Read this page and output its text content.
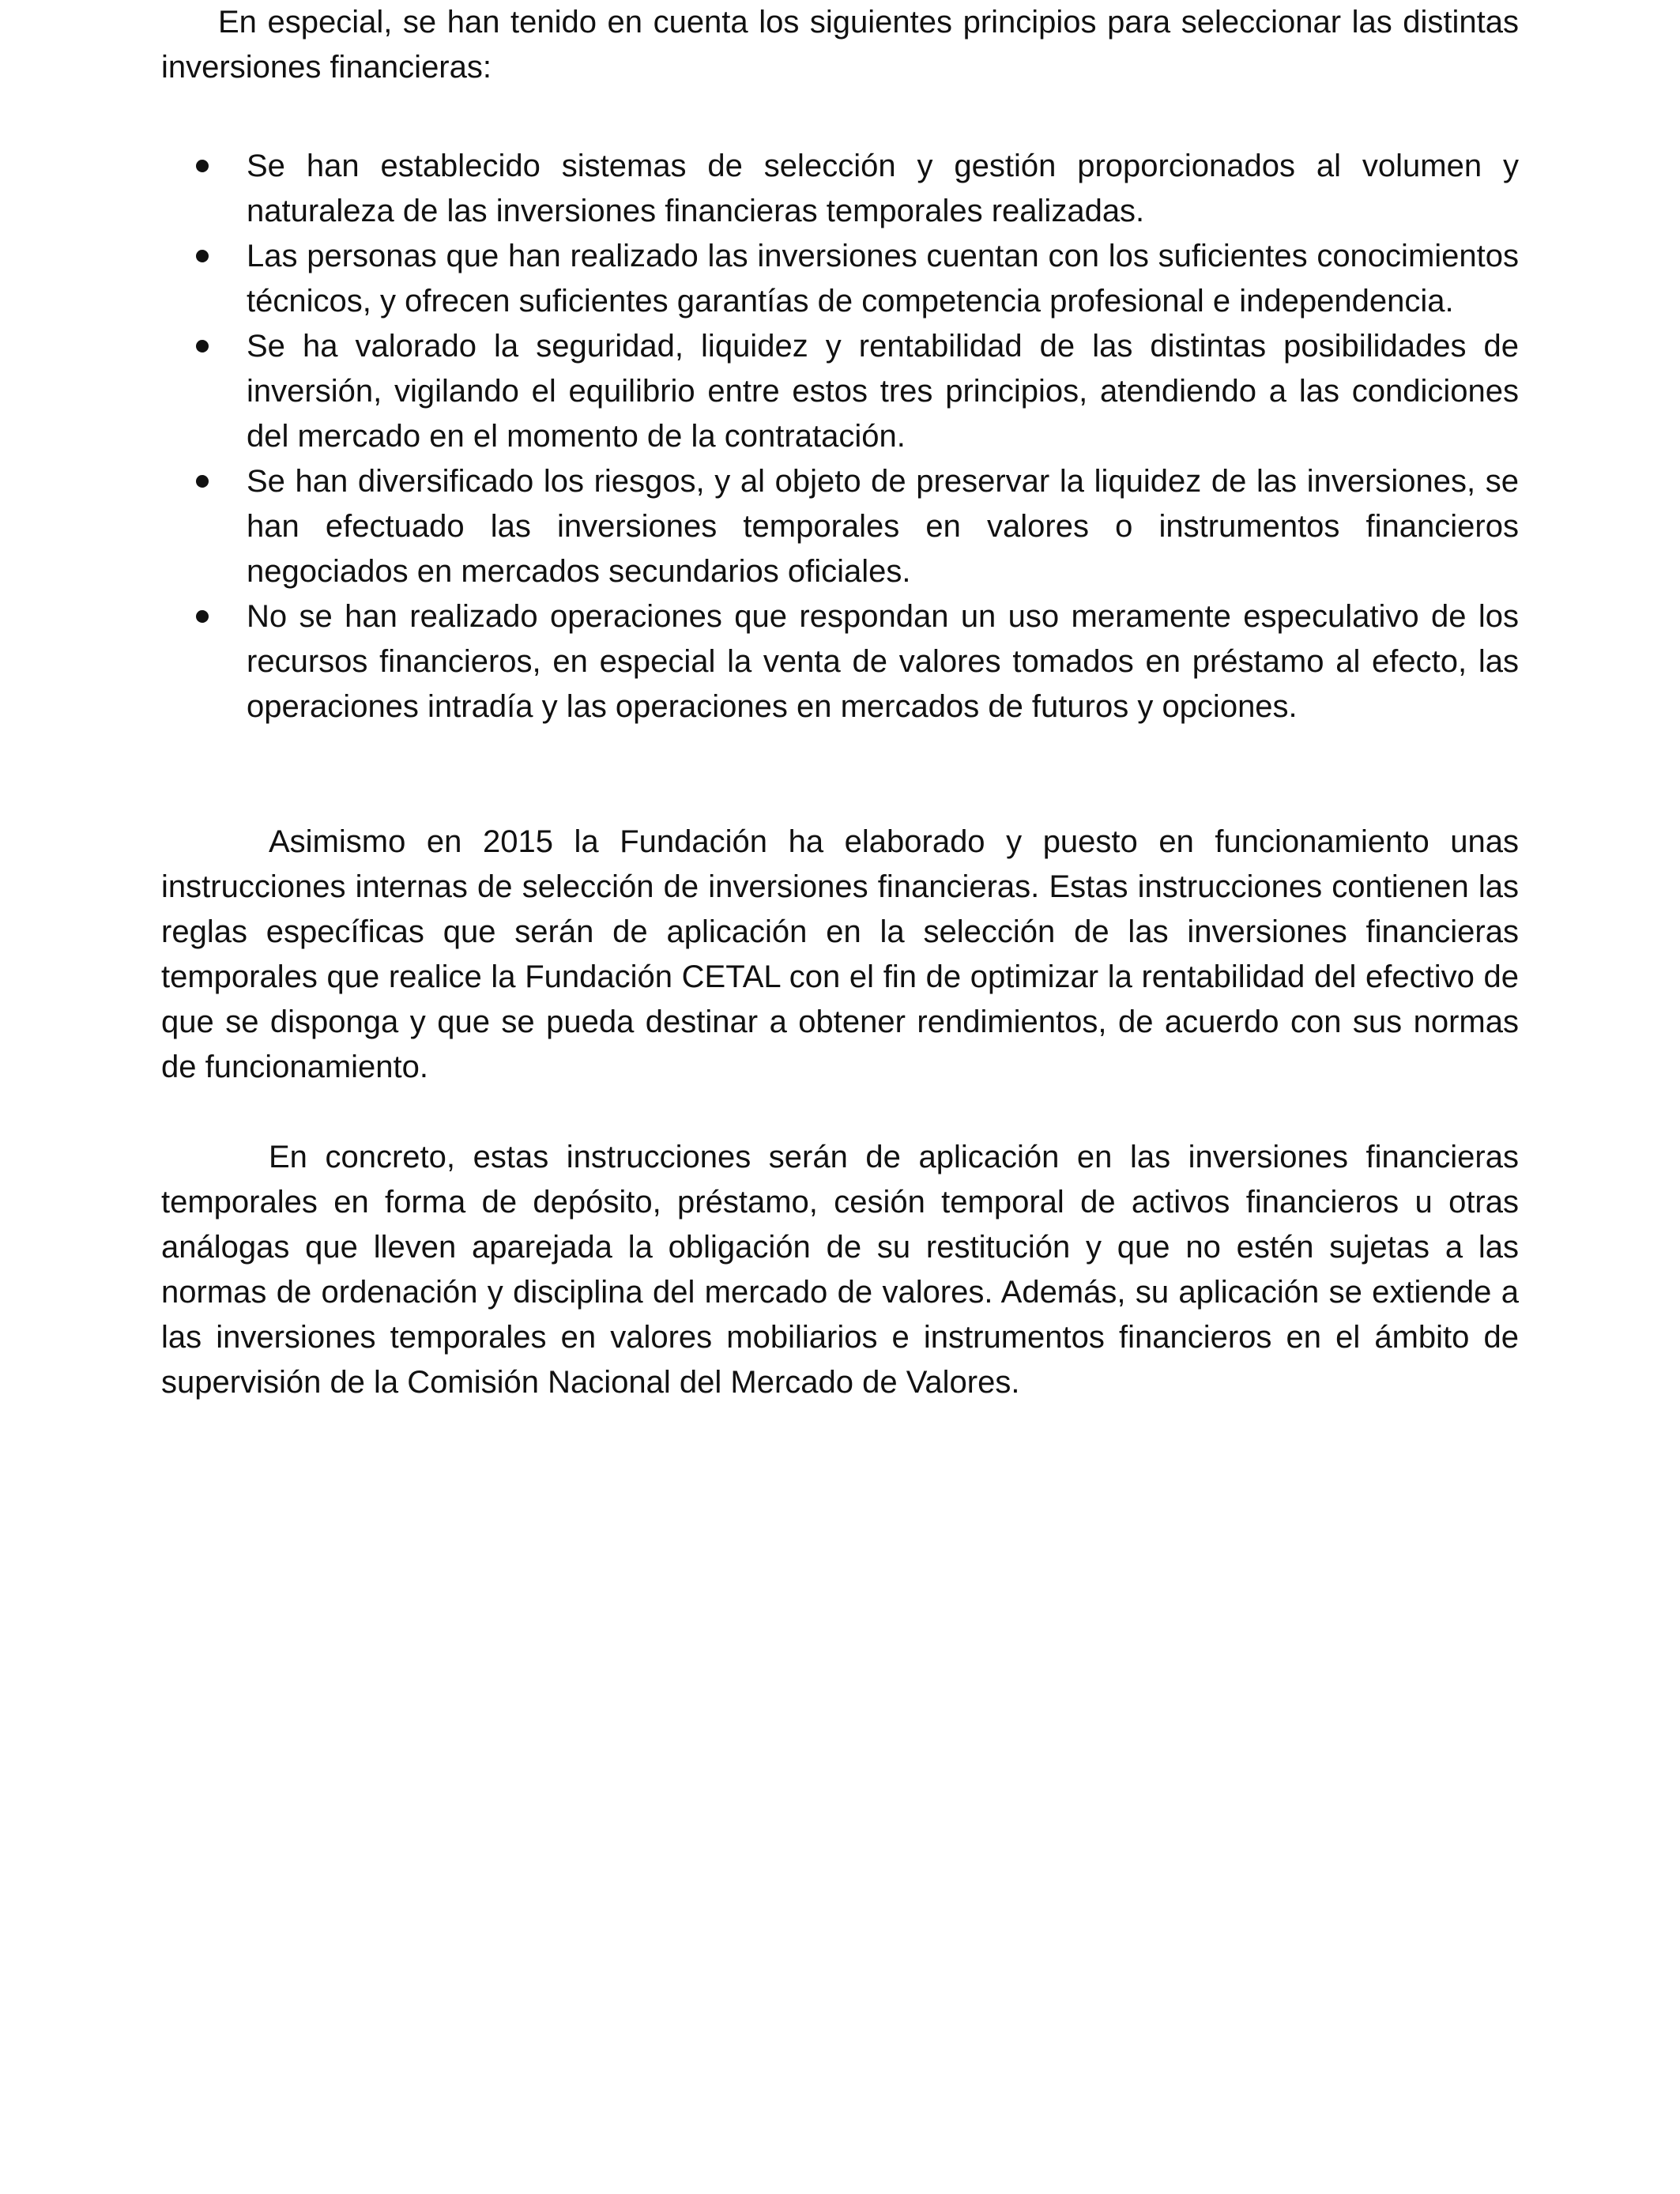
En especial, se han tenido en cuenta los siguientes principios para seleccionar las distintas inversiones financieras:

Se han establecido sistemas de selección y gestión proporcionados al volumen y naturaleza de las inversiones financieras temporales realizadas.
Las personas que han realizado las inversiones cuentan con los suficientes conocimientos técnicos, y ofrecen suficientes garantías de competencia profesional e independencia.
Se ha valorado la seguridad, liquidez y rentabilidad de las distintas posibilidades de inversión, vigilando el equilibrio entre estos tres principios, atendiendo a las condiciones del mercado en el momento de la contratación.
Se han diversificado los riesgos, y al objeto de preservar la liquidez de las inversiones, se han efectuado las inversiones temporales en valores o instrumentos financieros negociados en mercados secundarios oficiales.
No se han realizado operaciones que respondan un uso meramente especulativo de los recursos financieros, en especial la venta de valores tomados en préstamo al efecto, las operaciones intradía y las operaciones en mercados de futuros y opciones.

Asimismo en 2015 la Fundación ha elaborado y puesto en funcionamiento unas instrucciones internas de selección de inversiones financieras. Estas instrucciones contienen las reglas específicas que serán de aplicación en la selección de las inversiones financieras temporales que realice la Fundación CETAL con el fin de optimizar la rentabilidad del efectivo de que se disponga y que se pueda destinar a obtener rendimientos, de acuerdo con sus normas de funcionamiento.

En concreto, estas instrucciones serán de aplicación en las inversiones financieras temporales en forma de depósito, préstamo, cesión temporal de activos financieros u otras análogas que lleven aparejada la obligación de su restitución y que no estén sujetas a las normas de ordenación y disciplina del mercado de valores. Además, su aplicación se extiende a las inversiones temporales en valores mobiliarios e instrumentos financieros en el ámbito de supervisión de la Comisión Nacional del Mercado de Valores.
